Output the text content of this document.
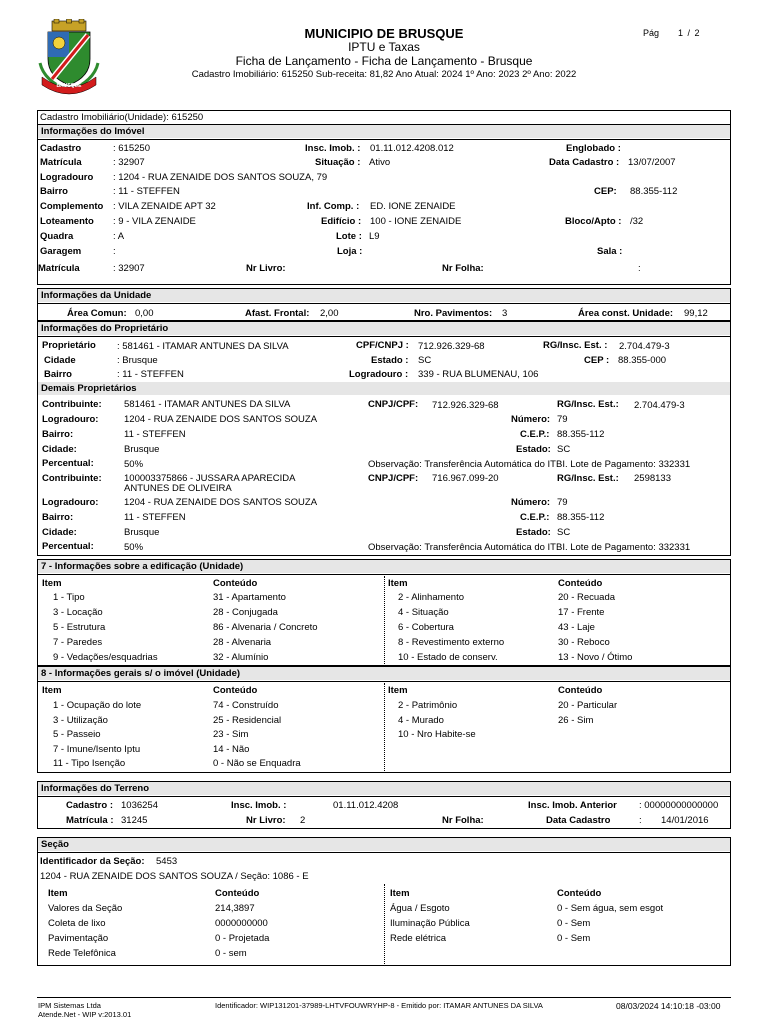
BRUSQUE
MUNICIPIO DE BRUSQUE
IPTU e Taxas
Ficha de Lançamento - Ficha de Lançamento - Brusque
Cadastro Imobiliário: 615250 Sub-receita: 81,82 Ano Atual: 2024 1º Ano: 2023 2º Ano: 2022
Pág 1 / 2
Cadastro Imobiliário(Unidade): 615250
Informações do Imóvel
Cadastro	: 615250	Insc. Imob. : 01.11.012.4208.012	Englobado :
Matrícula	: 32907	Situação : Ativo	Data Cadastro : 13/07/2007
Logradouro : 1204 - RUA ZENAIDE DOS SANTOS SOUZA, 79
Bairro	: 11 - STEFFEN	CEP: 88.355-112
Complemento : VILA ZENAIDE APT 32	Inf. Comp. : ED. IONE ZENAIDE
Loteamento : 9 - VILA ZENAIDE	Edifício : 100 - IONE ZENAIDE	Bloco/Apto : /32
Quadra	: A	Lote : L9
Garagem	:	Loja :	Sala :
Matrícula	: 32907	Nr Livro:	Nr Folha:	:
Informações da Unidade
Área Comun: 0,00	Afast. Frontal: 2,00	Nro. Pavimentos: 3	Área const. Unidade: 99,12
Informações do Proprietário
Proprietário : 581461 - ITAMAR ANTUNES DA SILVA	CPF/CNPJ : 712.926.329-68	RG/Insc. Est. : 2.704.479-3
Cidade	: Brusque	Estado : SC	CEP : 88.355-000
Bairro	: 11 - STEFFEN	Logradouro : 339 - RUA BLUMENAU, 106
Demais Proprietários
Contribuinte: 581461 - ITAMAR ANTUNES DA SILVA	CNPJ/CPF: 712.926.329-68	RG/Insc. Est.: 2.704.479-3
Logradouro:	1204 - RUA ZENAIDE DOS SANTOS SOUZA	Número: 79
Bairro:	11 - STEFFEN	C.E.P.: 88.355-112
Cidade:	Brusque	Estado: SC
Percentual:	50%	Observação: Transferência Automática do ITBI. Lote de Pagamento: 332331
Contribuinte: 100003375866 - JUSSARA APARECIDA
ANTUNES DE OLIVEIRA
CNPJ/CPF: 716.967.099-20	RG/Insc. Est.: 2598133
Logradouro:	1204 - RUA ZENAIDE DOS SANTOS SOUZA	Número: 79
Bairro:	11 - STEFFEN	C.E.P.: 88.355-112
Cidade:	Brusque	Estado: SC
Percentual:	50%	Observação: Transferência Automática do ITBI. Lote de Pagamento: 332331
7 - Informações sobre a edificação (Unidade)
Item	Conteúdo	Item	Conteúdo
1 - Tipo	31 - Apartamento
3 - Locação	28 - Conjugada
5 - Estrutura	86 - Alvenaria / Concreto
7 - Paredes	28 - Alvenaria
9 - Vedações/esquadrias	32 - Alumínio
2 - Alinhamento	20 - Recuada
4 - Situação	17 - Frente
6 - Cobertura	43 - Laje
8 - Revestimento externo	30 - Reboco
10 - Estado de conserv.	13 - Novo / Ótimo
8 - Informações gerais s/ o imóvel (Unidade)
Item	Conteúdo	Item	Conteúdo
1 - Ocupação do lote	74 - Construído
3 - Utilização	25 - Residencial
5 - Passeio	23 - Sim
7 - Imune/Isento Iptu	14 - Não
11 - Tipo Isenção	0 - Não se Enquadra
2 - Patrimônio	20 - Particular
4 - Murado	26 - Sim
10 - Nro Habite-se
Informações do Terreno
Cadastro : 1036254	Insc. Imob. :	01.11.012.4208	Insc. Imob. Anterior : 00000000000000
Matrícula : 31245	Nr Livro: 2	Nr Folha:	Data Cadastro	: 14/01/2016
Seção
Identificador da Seção: 5453
1204 - RUA ZENAIDE DOS SANTOS SOUZA / Seção: 1086 - E
Item	Conteúdo	Item	Conteúdo
Valores da Seção	214,3897
Coleta de lixo	0000000000
Pavimentação	0 - Projetada
Rede Telefônica	0 - sem
Água / Esgoto	0 - Sem água, sem esgot
Iluminação Pública	0 - Sem
Rede elétrica	0 - Sem
IPM Sistemas Ltda
Atende.Net - WIP v:2013.01
Identificador: WIP131201-37989-LHTVFOUWRYHP-8 - Emitido por: ITAMAR ANTUNES DA SILVA	08/03/2024 14:10:18 -03:00
